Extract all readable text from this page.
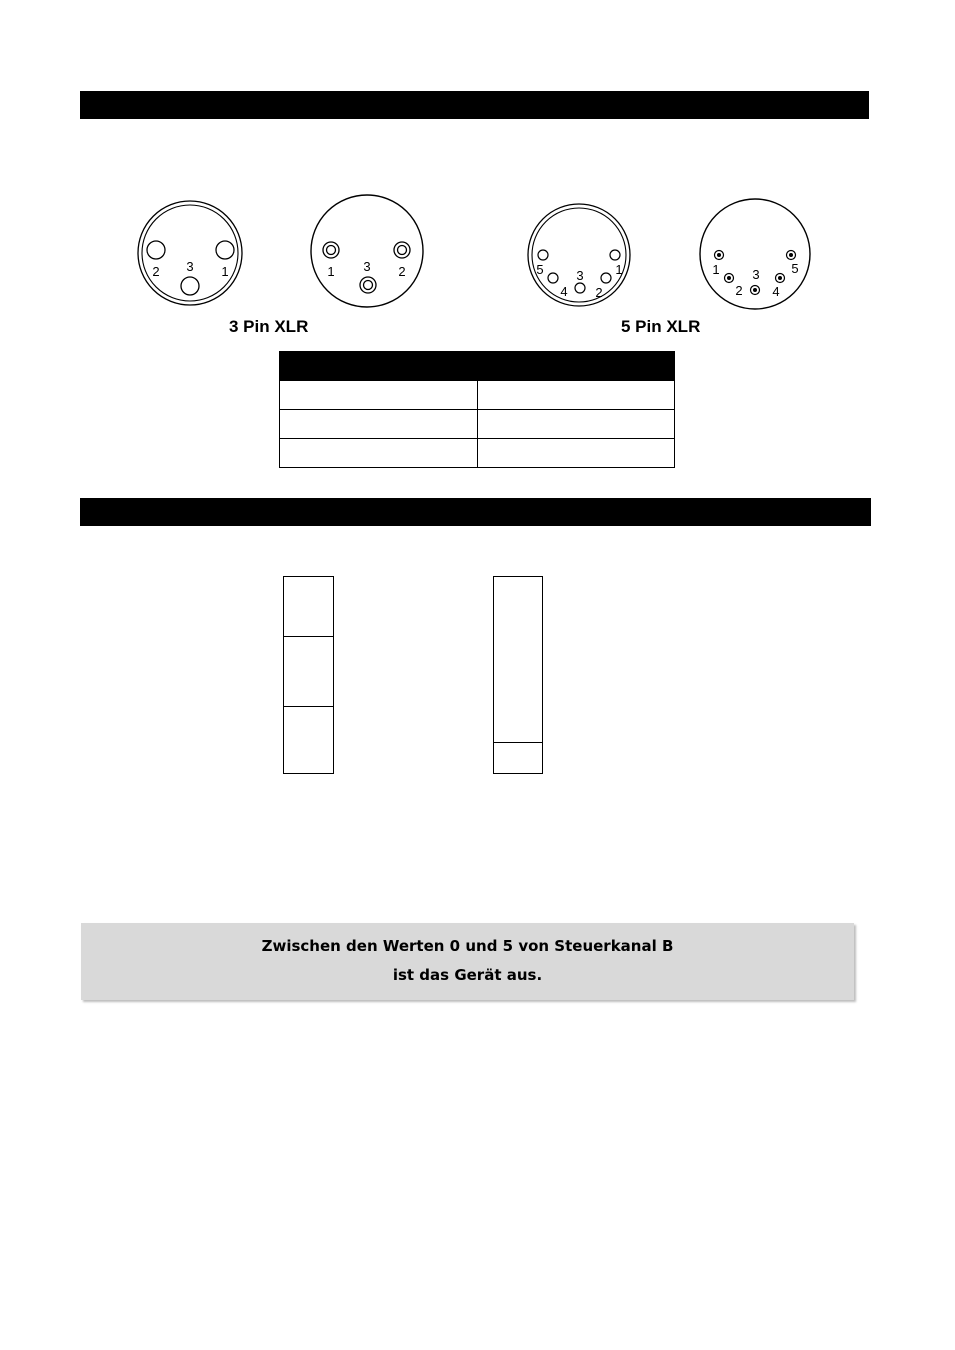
2 3 1	1 3 2
3 Pin XLR
5	1
3
4 2
1	3 5
2 4
5 Pin XLR

Zwischen den Werten 0 und 5 von Steuerkanal B
ist das Gerät aus.
